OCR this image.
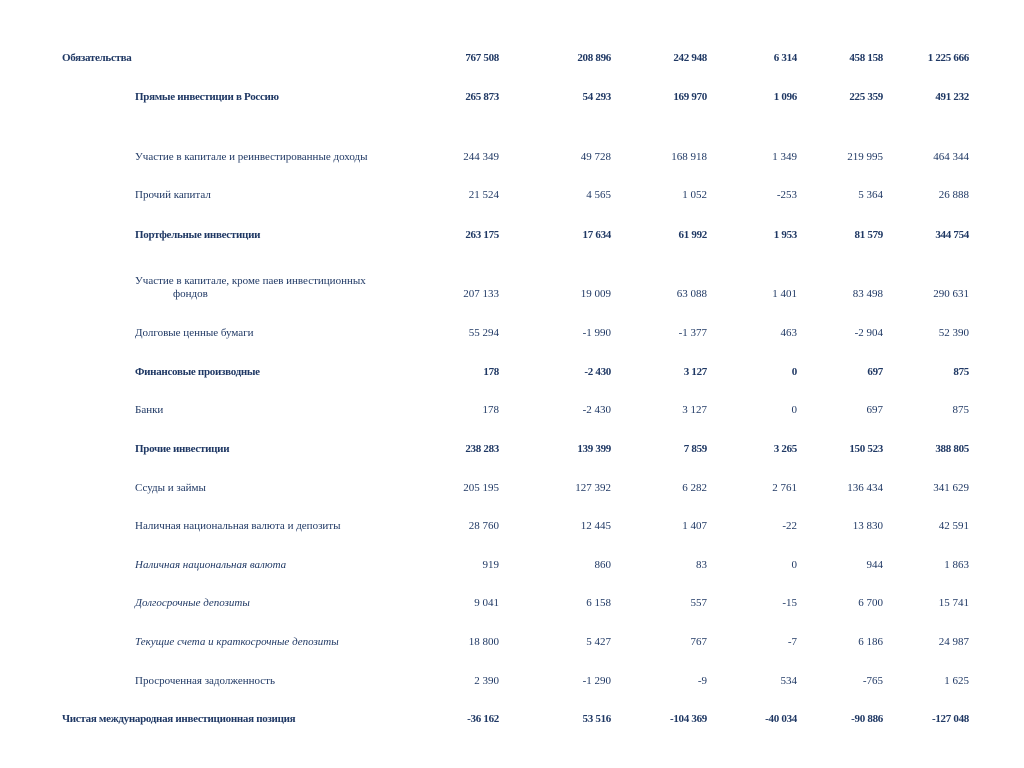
Обязательства	767 508	208 896	242 948	6 314	458 158	1 225 666
Прямые инвестиции в Россию	265 873	54 293	169 970	1 096	225 359	491 232
Участие в капитале и реинвестированные доходы	244 349	49 728	168 918	1 349	219 995	464 344
Прочий капитал	21 524	4 565	1 052	-253	5 364	26 888
Портфельные инвестиции	263 175	17 634	61 992	1 953	81 579	344 754
Участие в капитале, кроме паев инвестиционных
фондов	207 133	19 009	63 088	1 401	83 498	290 631
Долговые ценные бумаги	55 294	-1 990	-1 377	463	-2 904	52 390
Финансовые производные	178	-2 430	3 127	0	697	875
Банки	178	-2 430	3 127	0	697	875
Прочие инвестиции	238 283	139 399	7 859	3 265	150 523	388 805
Ссуды и займы	205 195	127 392	6 282	2 761	136 434	341 629
Наличная национальная валюта и депозиты	28 760	12 445	1 407	-22	13 830	42 591
Наличная национальная валюта	919	860	83	0	944	1 863
Долгосрочные депозиты	9 041	6 158	557	-15	6 700	15 741
Текущие счета и краткосрочные депозиты	18 800	5 427	767	-7	6 186	24 987
Просроченная задолженность	2 390	-1 290	-9	534	-765	1 625
Чистая международная инвестиционная позиция	-36 162	53 516	-104 369	-40 034	-90 886	-127 048
